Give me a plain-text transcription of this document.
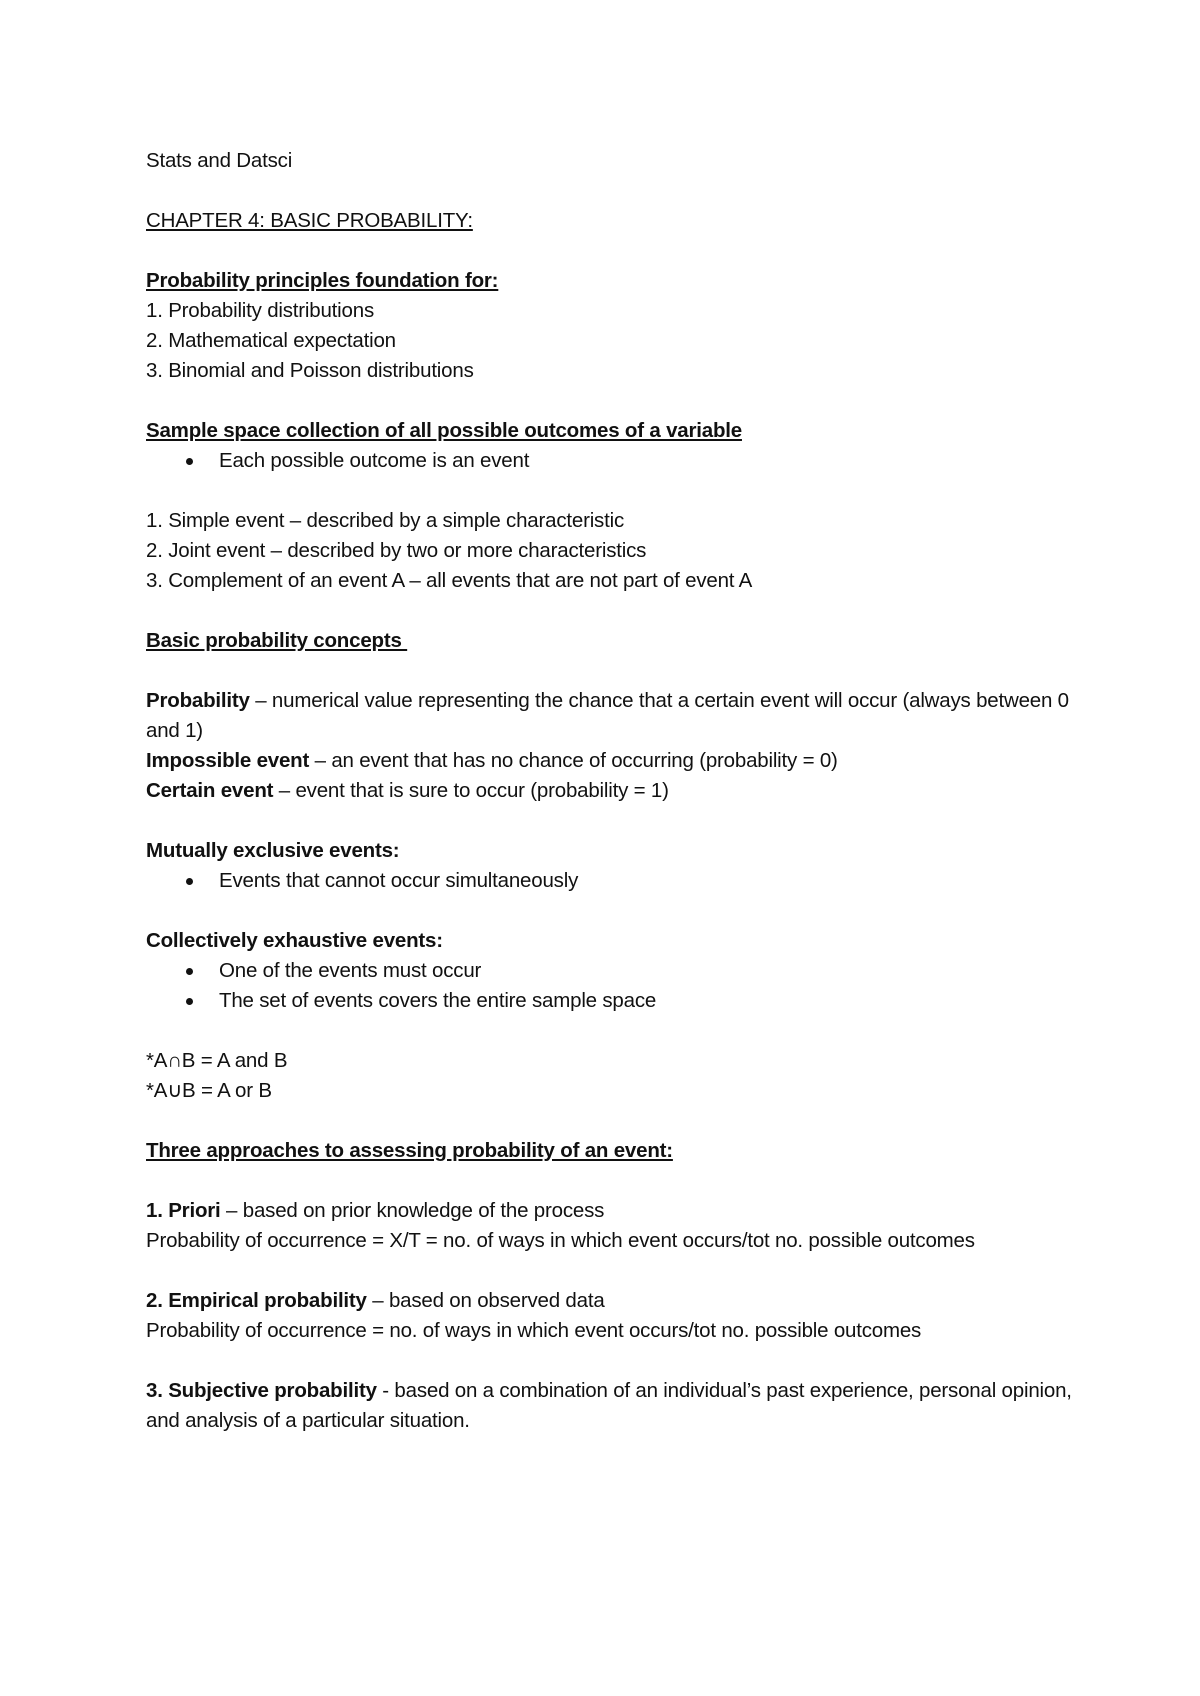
Stats and Datsci
CHAPTER 4: BASIC PROBABILITY:
Probability principles foundation for:
1. Probability distributions
2. Mathematical expectation
3. Binomial and Poisson distributions
Sample space collection of all possible outcomes of a variable
Each possible outcome is an event
1. Simple event – described by a simple characteristic
2. Joint event – described by two or more characteristics
3. Complement of an event A – all events that are not part of event A
Basic probability concepts
Probability – numerical value representing the chance that a certain event will occur (always between 0 and 1)
Impossible event – an event that has no chance of occurring (probability = 0)
Certain event – event that is sure to occur (probability = 1)
Mutually exclusive events:
Events that cannot occur simultaneously
Collectively exhaustive events:
One of the events must occur
The set of events covers the entire sample space
*A∩B = A and B
*A∪B = A or B
Three approaches to assessing probability of an event:
1. Priori – based on prior knowledge of the process
Probability of occurrence = X/T = no. of ways in which event occurs/tot no. possible outcomes
2. Empirical probability – based on observed data
Probability of occurrence = no. of ways in which event occurs/tot no. possible outcomes
3. Subjective probability - based on a combination of an individual’s past experience, personal opinion, and analysis of a particular situation.
